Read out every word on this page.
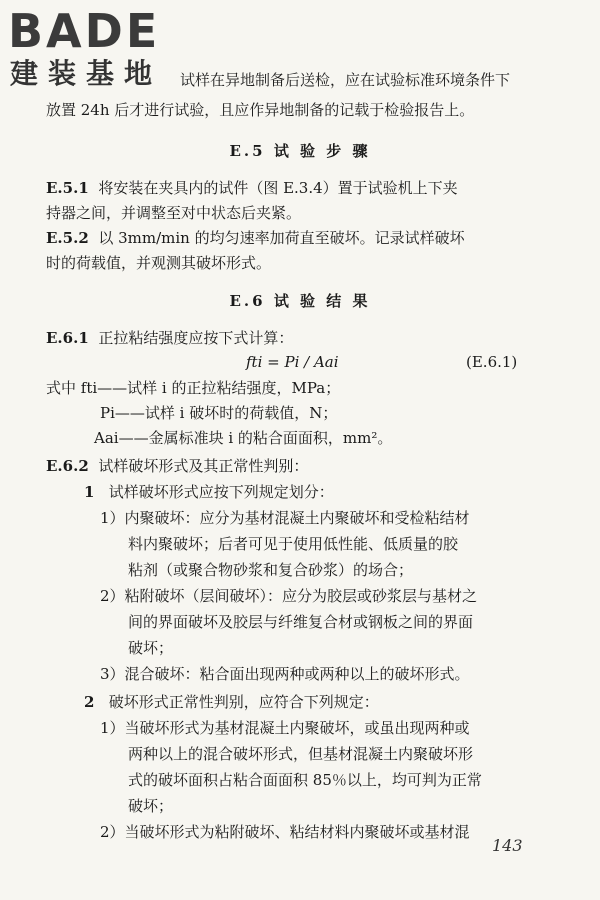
BADE
建装基地 试样在异地制备后送检，应在试验标准环境条件下
放置 24h 后才进行试验，且应作异地制备的记载于检验报告上。
E.5 试 验 步 骤
E.5.1 将安装在夹具内的试件（图 E.3.4）置于试验机上下夹
持器之间，并调整至对中状态后夹紧。
E.5.2 以 3mm/min 的均匀速率加荷直至破坏。记录试样破坏
时的荷载值，并观测其破坏形式。
E.6 试 验 结 果
E.6.1 正拉粘结强度应按下式计算：
fti = Pi / Aai	(E.6.1)
式中 fti——试样 i 的正拉粘结强度，MPa；
Pi——试样 i 破坏时的荷载值，N；
Aai——金属标准块 i 的粘合面面积，mm²。
E.6.2 试样破坏形式及其正常性判别：
1 试样破坏形式应按下列规定划分：
1）内聚破坏：应分为基材混凝土内聚破坏和受检粘结材
料内聚破坏；后者可见于使用低性能、低质量的胶
粘剂（或聚合物砂浆和复合砂浆）的场合；
2）粘附破坏（层间破坏）：应分为胶层或砂浆层与基材之
间的界面破坏及胶层与纤维复合材或钢板之间的界面
破坏；
3）混合破坏：粘合面出现两种或两种以上的破坏形式。
2 破坏形式正常性判别，应符合下列规定：
1）当破坏形式为基材混凝土内聚破坏，或虽出现两种或
两种以上的混合破坏形式，但基材混凝土内聚破坏形
式的破坏面积占粘合面面积 85％以上，均可判为正常
破坏；
2）当破坏形式为粘附破坏、粘结材料内聚破坏或基材混
143
